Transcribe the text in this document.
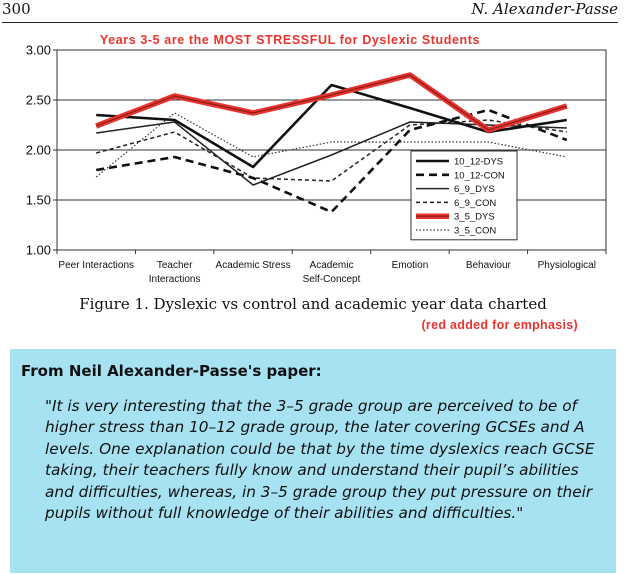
300	N. Alexander-Passe
Years 3-5 are the MOST STRESSFUL for Dyslexic Students
1.00
1.50
2.00
2.50
3.00
Peer Interactions Teacher
Interactions
Academic Stress Academic
Self-Concept
Emotion	Behaviour	Physiological
10_12-DYS
10_12-CON
6_9_DYS
6_9_CON
3_5_DYS
3_5_CON
Figure 1. Dyslexic vs control and academic year data charted
(red added for emphasis)
From Neil Alexander-Passe's paper:

"It is very interesting that the 3–5 grade group are perceived to be of higher stress than 10–12 grade group, the later covering GCSEs and A levels. One explanation could be that by the time dyslexics reach GCSE taking, their teachers fully know and understand their pupil’s abilities and difficulties, whereas, in 3–5 grade group they put pressure on their pupils without full knowledge of their abilities and difficulties."
